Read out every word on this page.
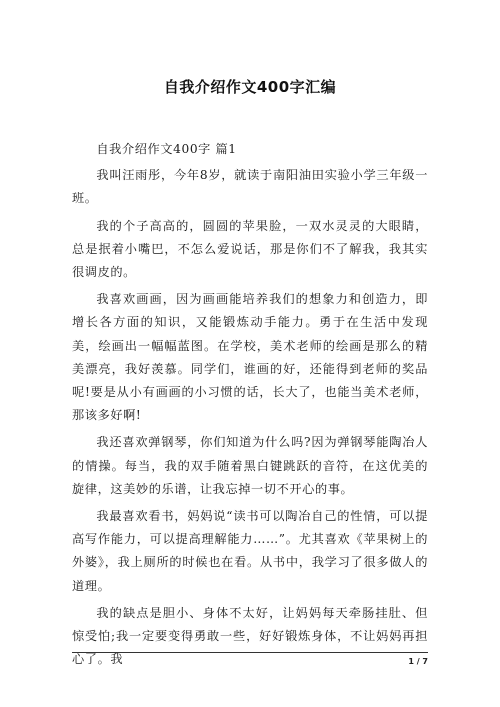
自我介绍作文400字汇编

自我介绍作文400字 篇1

我叫汪雨彤，今年8岁，就读于南阳油田实验小学三年级一班。

我的个子高高的，圆圆的苹果脸，一双水灵灵的大眼睛，总是抿着小嘴巴，不怎么爱说话，那是你们不了解我，我其实很调皮的。

我喜欢画画，因为画画能培养我们的想象力和创造力，即增长各方面的知识，又能锻炼动手能力。勇于在生活中发现美，绘画出一幅幅蓝图。在学校，美术老师的绘画是那么的精美漂亮，我好羡慕。同学们，谁画的好，还能得到老师的奖品呢!要是从小有画画的小习惯的话，长大了，也能当美术老师，那该多好啊!

我还喜欢弹钢琴，你们知道为什么吗?因为弹钢琴能陶冶人的情操。每当，我的双手随着黑白键跳跃的音符，在这优美的旋律，这美妙的乐谱，让我忘掉一切不开心的事。

我最喜欢看书，妈妈说“读书可以陶冶自己的性情，可以提高写作能力，可以提高理解能力……”。尤其喜欢《苹果树上的外婆》，我上厕所的时候也在看。从书中，我学习了很多做人的道理。

我的缺点是胆小、身体不太好，让妈妈每天牵肠挂肚、但惊受怕;我一定要变得勇敢一些，好好锻炼身体，不让妈妈再担心了。我	1 / 7
